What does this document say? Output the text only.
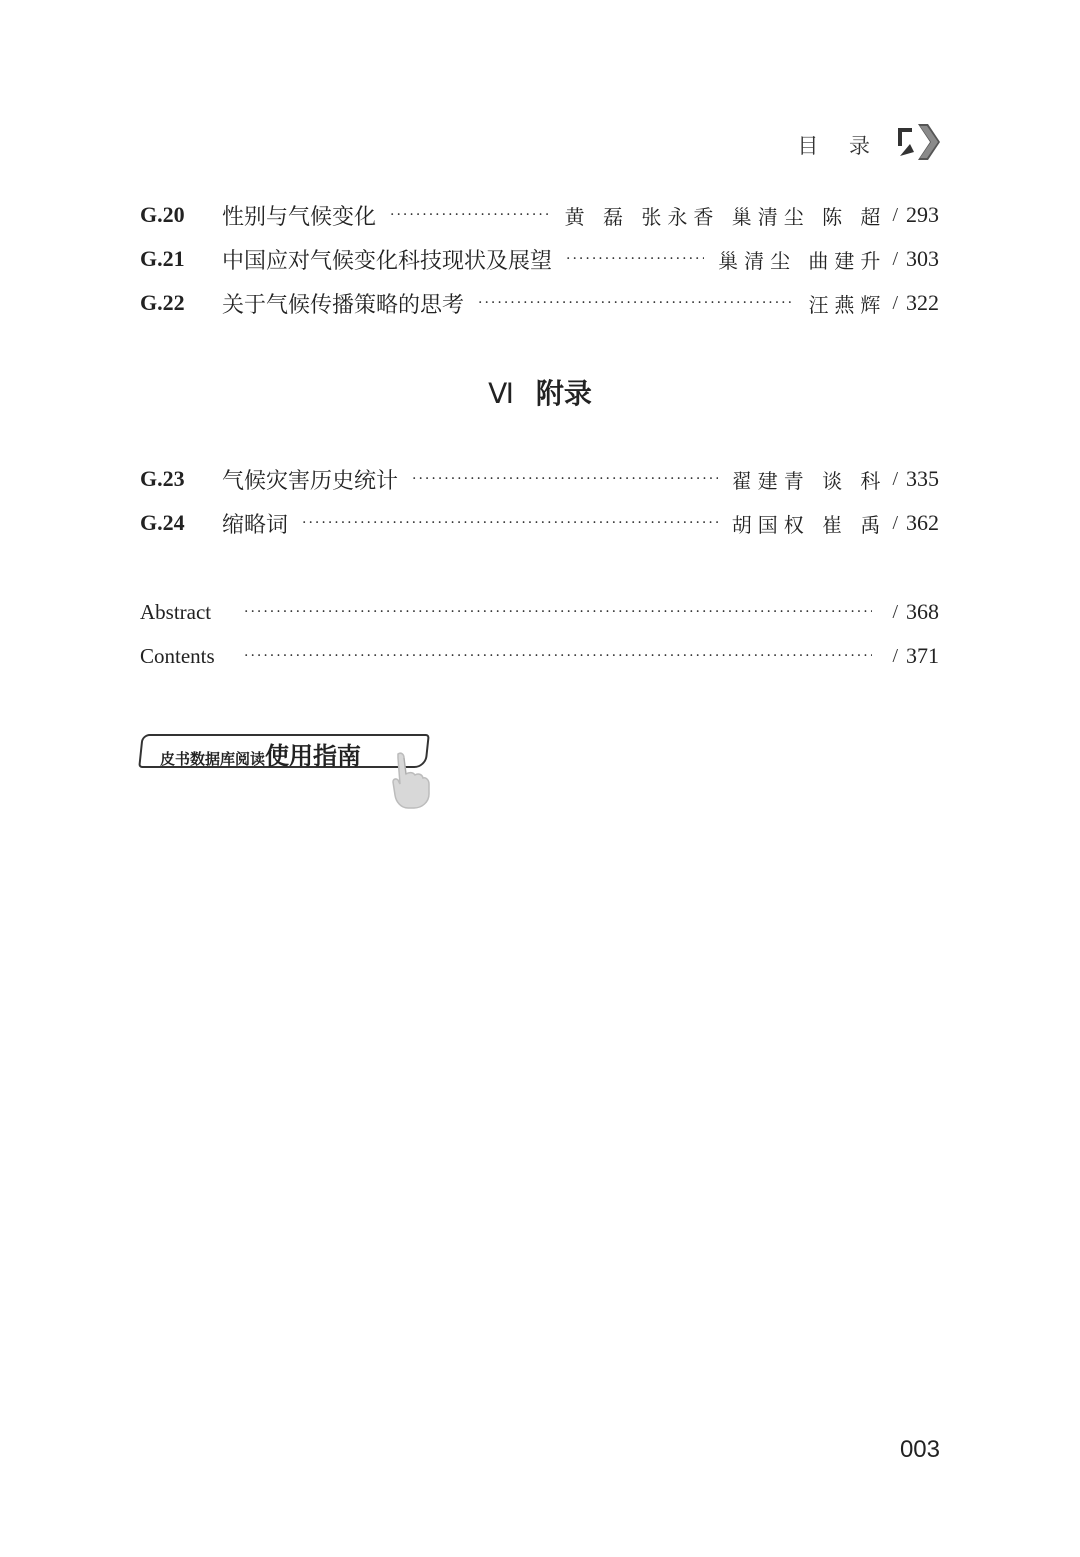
目 录
G.20	性别与气候变化 ·····	黄 磊 张永香 巢清尘 陈 超 / 293
G.21	中国应对气候变化科技现状及展望 ·····	巢清尘 曲建升 / 303
G.22	关于气候传播策略的思考 ·····	汪燕辉 / 322
Ⅵ 附录
G.23	气候灾害历史统计 ·····	翟建青 谈 科 / 335
G.24	缩略词 ·····	胡国权 崔 禹 / 362
Abstract ·····	/ 368
Contents ·····	/ 371
皮书数据库阅读使用指南
003
